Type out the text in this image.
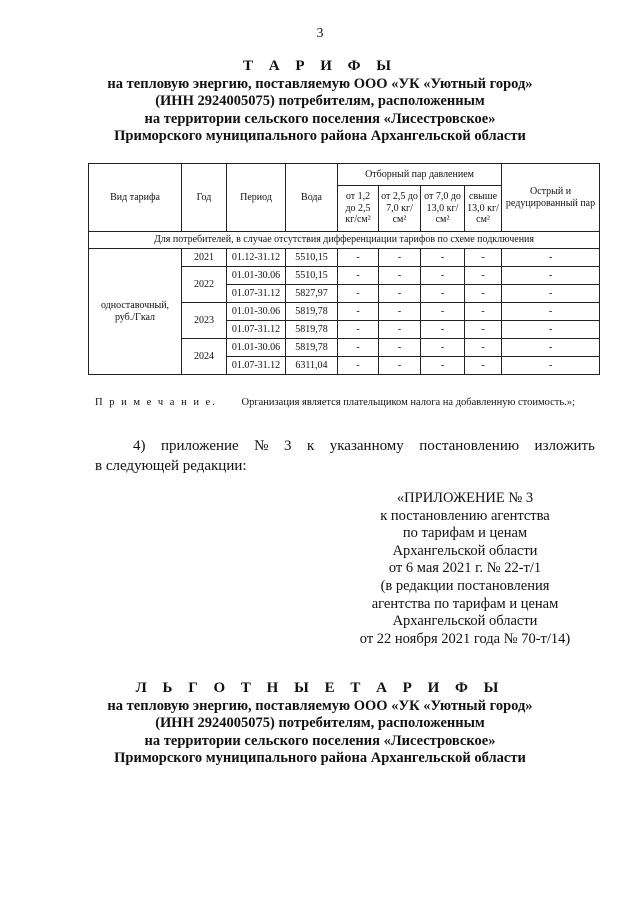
3
Т А Р И Ф Ы
на тепловую энергию, поставляемую ООО «УК «Уютный город»
(ИНН 2924005075) потребителям, расположенным
на территории сельского поселения «Лисестровское»
Приморского муниципального района Архангельской области
Вид тарифа	Год	Период	Вода	Отборный пар давлением				Острый и редуцированный пар
				от 1,2 до 2,5 кг/см²	от 2,5 до 7,0 кг/см²	от 7,0 до 13,0 кг/см²	свыше 13,0 кг/см²	
Для потребителей, в случае отсутствия дифференциации тарифов по схеме подключения								
одноставочный, руб./Гкал	2021	01.12-31.12	5510,15	-	-	-	-	-
	2022	01.01-30.06	5510,15	-	-	-	-	-
		01.07-31.12	5827,97	-	-	-	-	-
	2023	01.01-30.06	5819,78	-	-	-	-	-
		01.07-31.12	5819,78	-	-	-	-	-
	2024	01.01-30.06	5819,78	-	-	-	-	-
		01.07-31.12	6311,04	-	-	-	-	-
П р и м е ч а н и е. Организация является плательщиком налога на добавленную стоимость.»;
4) приложение № 3 к указанному постановлению изложить
в следующей редакции:
«ПРИЛОЖЕНИЕ № 3
к постановлению агентства
по тарифам и ценам
Архангельской области
от 6 мая 2021 г. № 22-т/1
(в редакции постановления
агентства по тарифам и ценам
Архангельской области
от 22 ноября 2021 года № 70-т/14)
Л Ь Г О Т Н Ы Е Т А Р И Ф Ы
на тепловую энергию, поставляемую ООО «УК «Уютный город»
(ИНН 2924005075) потребителям, расположенным
на территории сельского поселения «Лисестровское»
Приморского муниципального района Архангельской области
